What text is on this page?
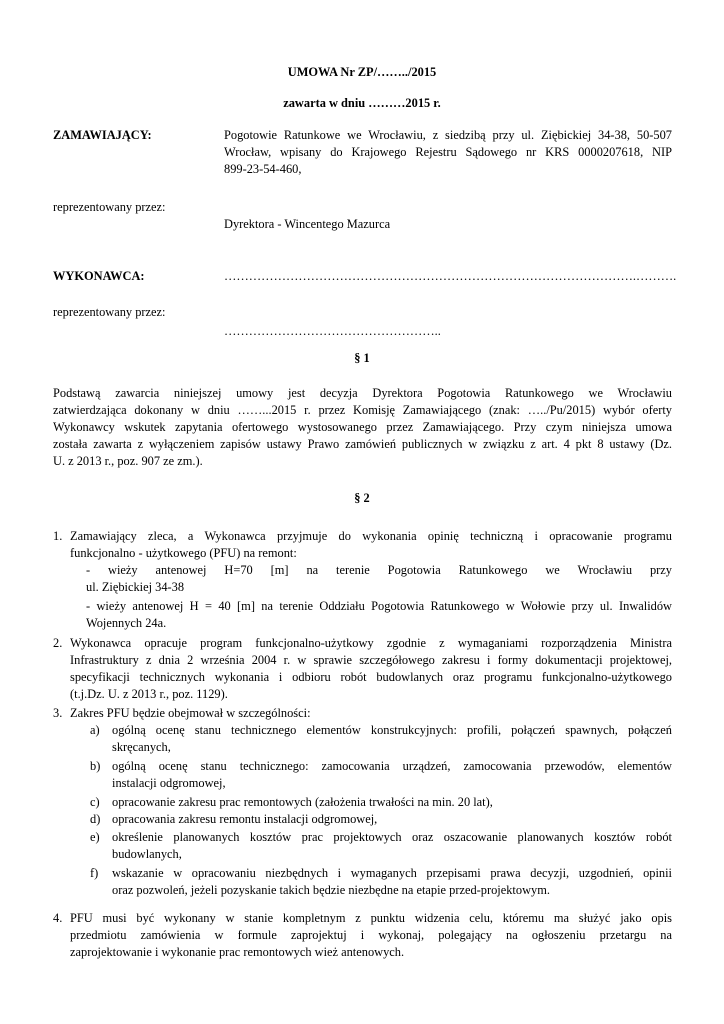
UMOWA Nr ZP/……../2015
zawarta w dniu ………2015 r.
ZAMAWIAJĄCY:	Pogotowie Ratunkowe we Wrocławiu, z siedzibą przy ul. Ziębickiej 34-38, 50-507
Wrocław, wpisany do Krajowego Rejestru Sądowego nr KRS 0000207618, NIP
899-23-54-460,
reprezentowany przez:
Dyrektora - Wincentego Mazurca
WYKONAWCA:	……………………………………………………………………………………….……….
reprezentowany przez:
……………………………………………..
§ 1
Podstawą zawarcia niniejszej umowy jest decyzja Dyrektora Pogotowia Ratunkowego we Wrocławiu
zatwierdzająca dokonany w dniu ……...2015 r. przez Komisję Zamawiającego (znak: …../Pu/2015) wybór oferty
Wykonawcy wskutek zapytania ofertowego wystosowanego przez Zamawiającego. Przy czym niniejsza umowa
została zawarta z wyłączeniem zapisów ustawy Prawo zamówień publicznych w związku z art. 4 pkt 8 ustawy (Dz.
U. z 2013 r., poz. 907 ze zm.).
§ 2
1. Zamawiający zleca, a Wykonawca przyjmuje do wykonania opinię techniczną i opracowanie programu
funkcjonalno - użytkowego (PFU) na remont:
- wieży antenowej H=70 [m] na terenie Pogotowia Ratunkowego we Wrocławiu przy
ul. Ziębickiej 34-38
- wieży antenowej H = 40 [m] na terenie Oddziału Pogotowia Ratunkowego w Wołowie przy ul. Inwalidów
Wojennych 24a.
2. Wykonawca opracuje program funkcjonalno-użytkowy zgodnie z wymaganiami rozporządzenia Ministra
Infrastruktury z dnia 2 września 2004 r. w sprawie szczegółowego zakresu i formy dokumentacji projektowej,
specyfikacji technicznych wykonania i odbioru robót budowlanych oraz programu funkcjonalno-użytkowego
(t.j.Dz. U. z 2013 r., poz. 1129).
3. Zakres PFU będzie obejmował w szczególności:
a) ogólną ocenę stanu technicznego elementów konstrukcyjnych: profili, połączeń spawnych, połączeń
skręcanych,
b) ogólną ocenę stanu technicznego: zamocowania urządzeń, zamocowania przewodów, elementów
instalacji odgromowej,
c) opracowanie zakresu prac remontowych (założenia trwałości na min. 20 lat),
d) opracowania zakresu remontu instalacji odgromowej,
e) określenie planowanych kosztów prac projektowych oraz oszacowanie planowanych kosztów robót
budowlanych,
f) wskazanie w opracowaniu niezbędnych i wymaganych przepisami prawa decyzji, uzgodnień, opinii
oraz pozwoleń, jeżeli pozyskanie takich będzie niezbędne na etapie przed-projektowym.
4. PFU musi być wykonany w stanie kompletnym z punktu widzenia celu, któremu ma służyć jako opis
przedmiotu zamówienia w formule zaprojektuj i wykonaj, polegający na ogłoszeniu przetargu na
zaprojektowanie i wykonanie prac remontowych wież antenowych.
